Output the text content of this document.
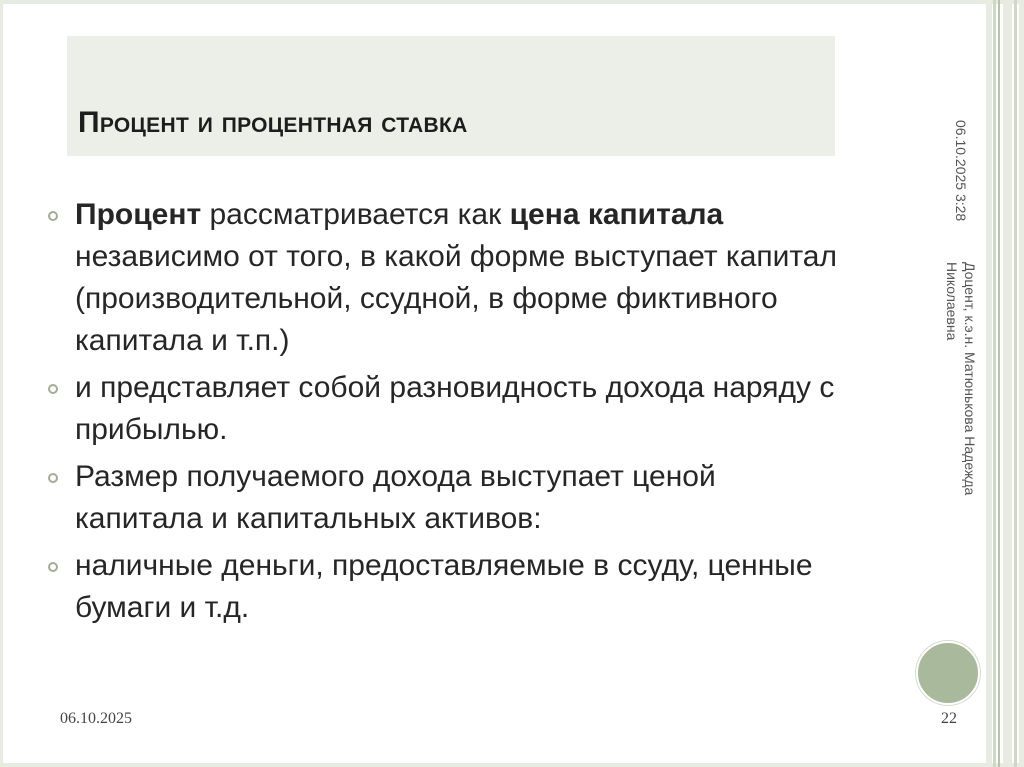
Процент и процентная ставка
Процент рассматривается как цена капитала независимо от того, в какой форме выступает капитал (производительной, ссудной, в форме фиктивного капитала и т.п.)
и представляет собой разновидность дохода наряду с прибылью.
Размер получаемого дохода выступает ценой капитала и капитальных активов:
наличные деньги, предоставляемые в ссуду, ценные бумаги и т.д.
06.10.2025 3:28
Доцент, к.э.н. Матюнькова Надежда
Николаевна
06.10.2025	22
